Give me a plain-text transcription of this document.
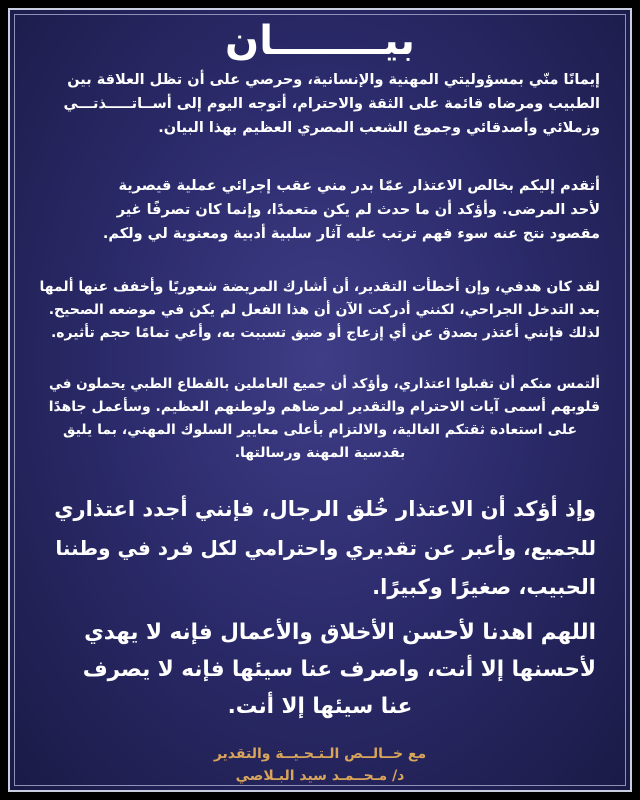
بيــــــــان
إيمانًا منّي بمسؤوليتي المهنية والإنسانية، وحرصي على أن تظل العلاقة بين
الطبيب ومرضاه قائمة على الثقة والاحترام، أتوجه اليوم إلى أســاتـــــذتـــي
وزملائي وأصدقائي وجموع الشعب المصري العظيم بهذا البيان.
أتقدم إليكم بخالص الاعتذار عمّا بدر مني عقب إجرائي عملية قيصرية
لأحد المرضى. وأؤكد أن ما حدث لم يكن متعمدًا، وإنما كان تصرفًا غير
مقصود نتج عنه سوء فهم ترتب عليه آثار سلبية أدبية ومعنوية لي ولكم.
لقد كان هدفي، وإن أخطأت التقدير، أن أشارك المريضة شعوريًا وأخفف عنها ألمها
بعد التدخل الجراحي، لكنني أدركت الآن أن هذا الفعل لم يكن في موضعه الصحيح.
لذلك فإنني أعتذر بصدق عن أي إزعاج أو ضيق تسببت به، وأعي تمامًا حجم تأثيره.
ألتمس منكم أن تقبلوا اعتذاري، وأؤكد أن جميع العاملين بالقطاع الطبي يحملون في
قلوبهم أسمى آيات الاحترام والتقدير لمرضاهم ولوطنهم العظيم. وسأعمل جاهدًا
على استعادة ثقتكم الغالية، والالتزام بأعلى معايير السلوك المهني، بما يليق
بقدسية المهنة ورسالتها.
وإذ أؤكد أن الاعتذار خُلق الرجال، فإنني أجدد اعتذاري
للجميع، وأعبر عن تقديري واحترامي لكل فرد في وطننا
الحبيب، صغيرًا وكبيرًا.
اللهم اهدنا لأحسن الأخلاق والأعمال فإنه لا يهدي
لأحسنها إلا أنت، واصرف عنا سيئها فإنه لا يصرف
عنا سيئها إلا أنت.
مع خــالــص الـتـحـيــة والتقدير
د/ مـحــمـد سيد البـلاصي
